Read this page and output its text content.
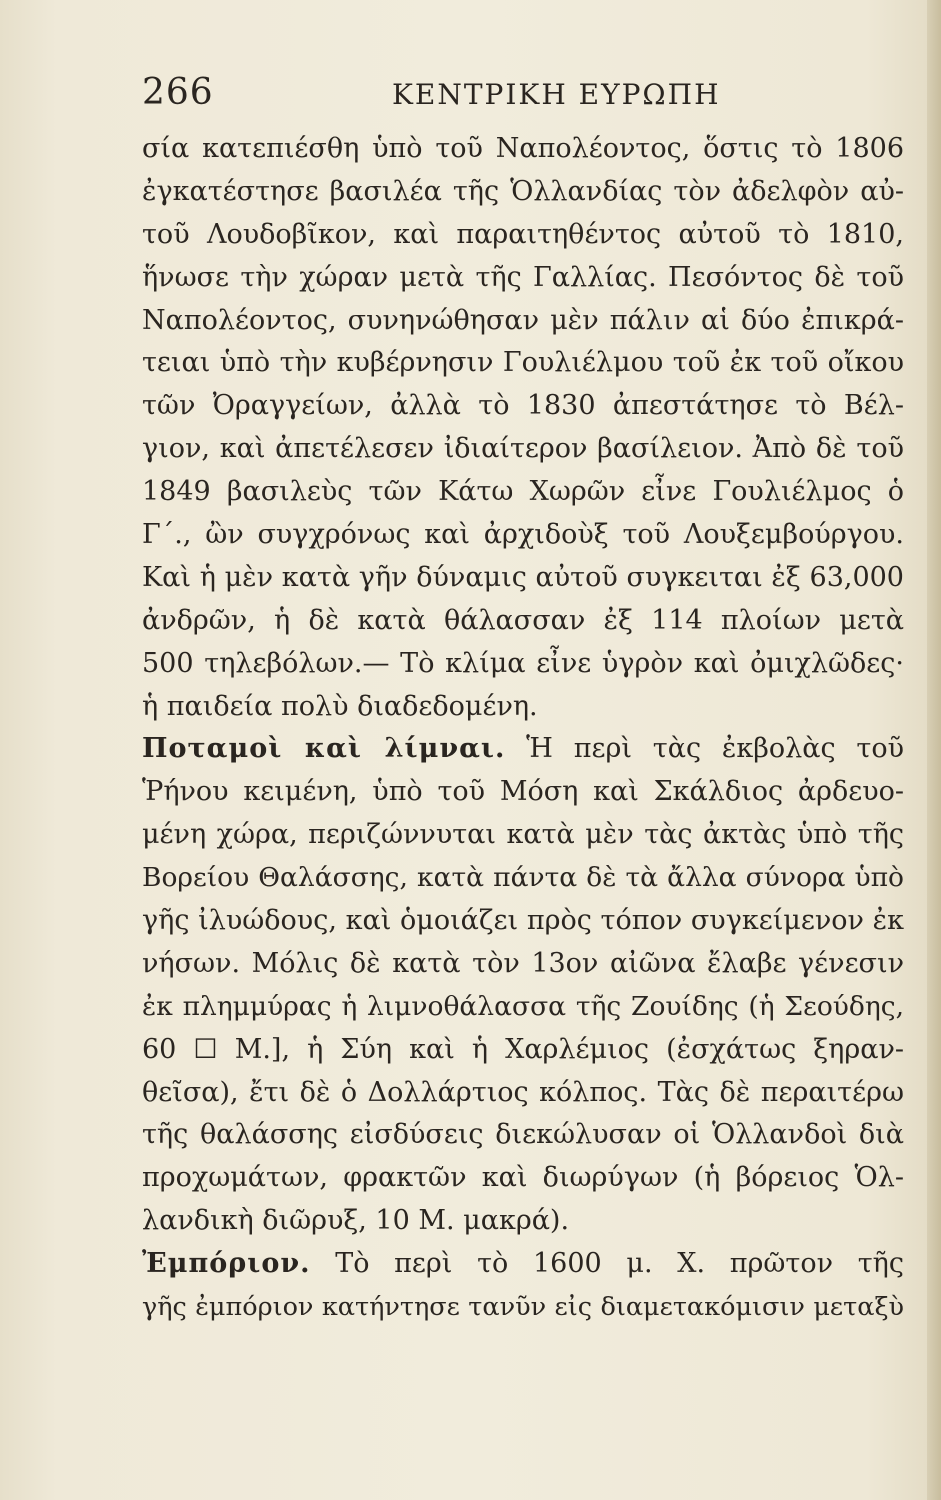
266	ΚΕΝΤΡΙΚΗ ΕΥΡΩΠΗ
σία κατεπιέσθη ὑπὸ τοῦ Ναπολέοντος, ὅστις τὸ 1806
ἐγκατέστησε βασιλέα τῆς Ὁλλανδίας τὸν ἀδελφὸν αὐ-
τοῦ Λουδοβῖκον, καὶ παραιτηθέντος αὐτοῦ τὸ 1810,
ἥνωσε τὴν χώραν μετὰ τῆς Γαλλίας. Πεσόντος δὲ τοῦ
Ναπολέοντος, συνηνώθησαν μὲν πάλιν αἱ δύο ἐπικρά-
τειαι ὑπὸ τὴν κυβέρνησιν Γουλιέλμου τοῦ ἐκ τοῦ οἴκου
τῶν Ὀραγγείων, ἀλλὰ τὸ 1830 ἀπεστάτησε τὸ Βέλ-
γιον, καὶ ἀπετέλεσεν ἰδιαίτερον βασίλειον. Ἀπὸ δὲ τοῦ
1849 βασιλεὺς τῶν Κάτω Χωρῶν εἶνε Γουλιέλμος ὁ
Γ΄., ὢν συγχρόνως καὶ ἀρχιδοὺξ τοῦ Λουξεμβούργου.
Καὶ ἡ μὲν κατὰ γῆν δύναμις αὐτοῦ συγκειται ἐξ 63,000
ἀνδρῶν, ἡ δὲ κατὰ θάλασσαν ἐξ 114 πλοίων μετὰ
500 τηλεβόλων.— Τὸ κλίμα εἶνε ὑγρὸν καὶ ὀμιχλῶδες·
ἡ παιδεία πολὺ διαδεδομένη.
Ποταμοὶ καὶ λίμναι. Ἡ περὶ τὰς ἐκβολὰς τοῦ
Ῥήνου κειμένη, ὑπὸ τοῦ Μόση καὶ Σκάλδιος ἀρδευο-
μένη χώρα, περιζώννυται κατὰ μὲν τὰς ἀκτὰς ὑπὸ τῆς
Βορείου Θαλάσσης, κατὰ πάντα δὲ τὰ ἄλλα σύνορα ὑπὸ
γῆς ἰλυώδους, καὶ ὁμοιάζει πρὸς τόπον συγκείμενον ἐκ
νήσων. Μόλις δὲ κατὰ τὸν 13ον αἰῶνα ἔλαβε γένεσιν
ἐκ πλημμύρας ἡ λιμνοθάλασσα τῆς Ζουίδης (ἡ Σεούδης,
60 ☐ Μ.], ἡ Σύη καὶ ἡ Χαρλέμιος (ἐσχάτως ξηραν-
θεῖσα), ἔτι δὲ ὁ Δολλάρτιος κόλπος. Τὰς δὲ περαιτέρω
τῆς θαλάσσης εἰσδύσεις διεκώλυσαν οἱ Ὁλλανδοὶ διὰ
προχωμάτων, φρακτῶν καὶ διωρύγων (ἡ βόρειος Ὁλ-
λανδικὴ διῶρυξ, 10 Μ. μακρά).
Ἐμπόριον. Τὸ περὶ τὸ 1600 μ. Χ. πρῶτον τῆς
γῆς ἐμπόριον κατήντησε τανῦν εἰς διαμετακόμισιν μεταξὺ
